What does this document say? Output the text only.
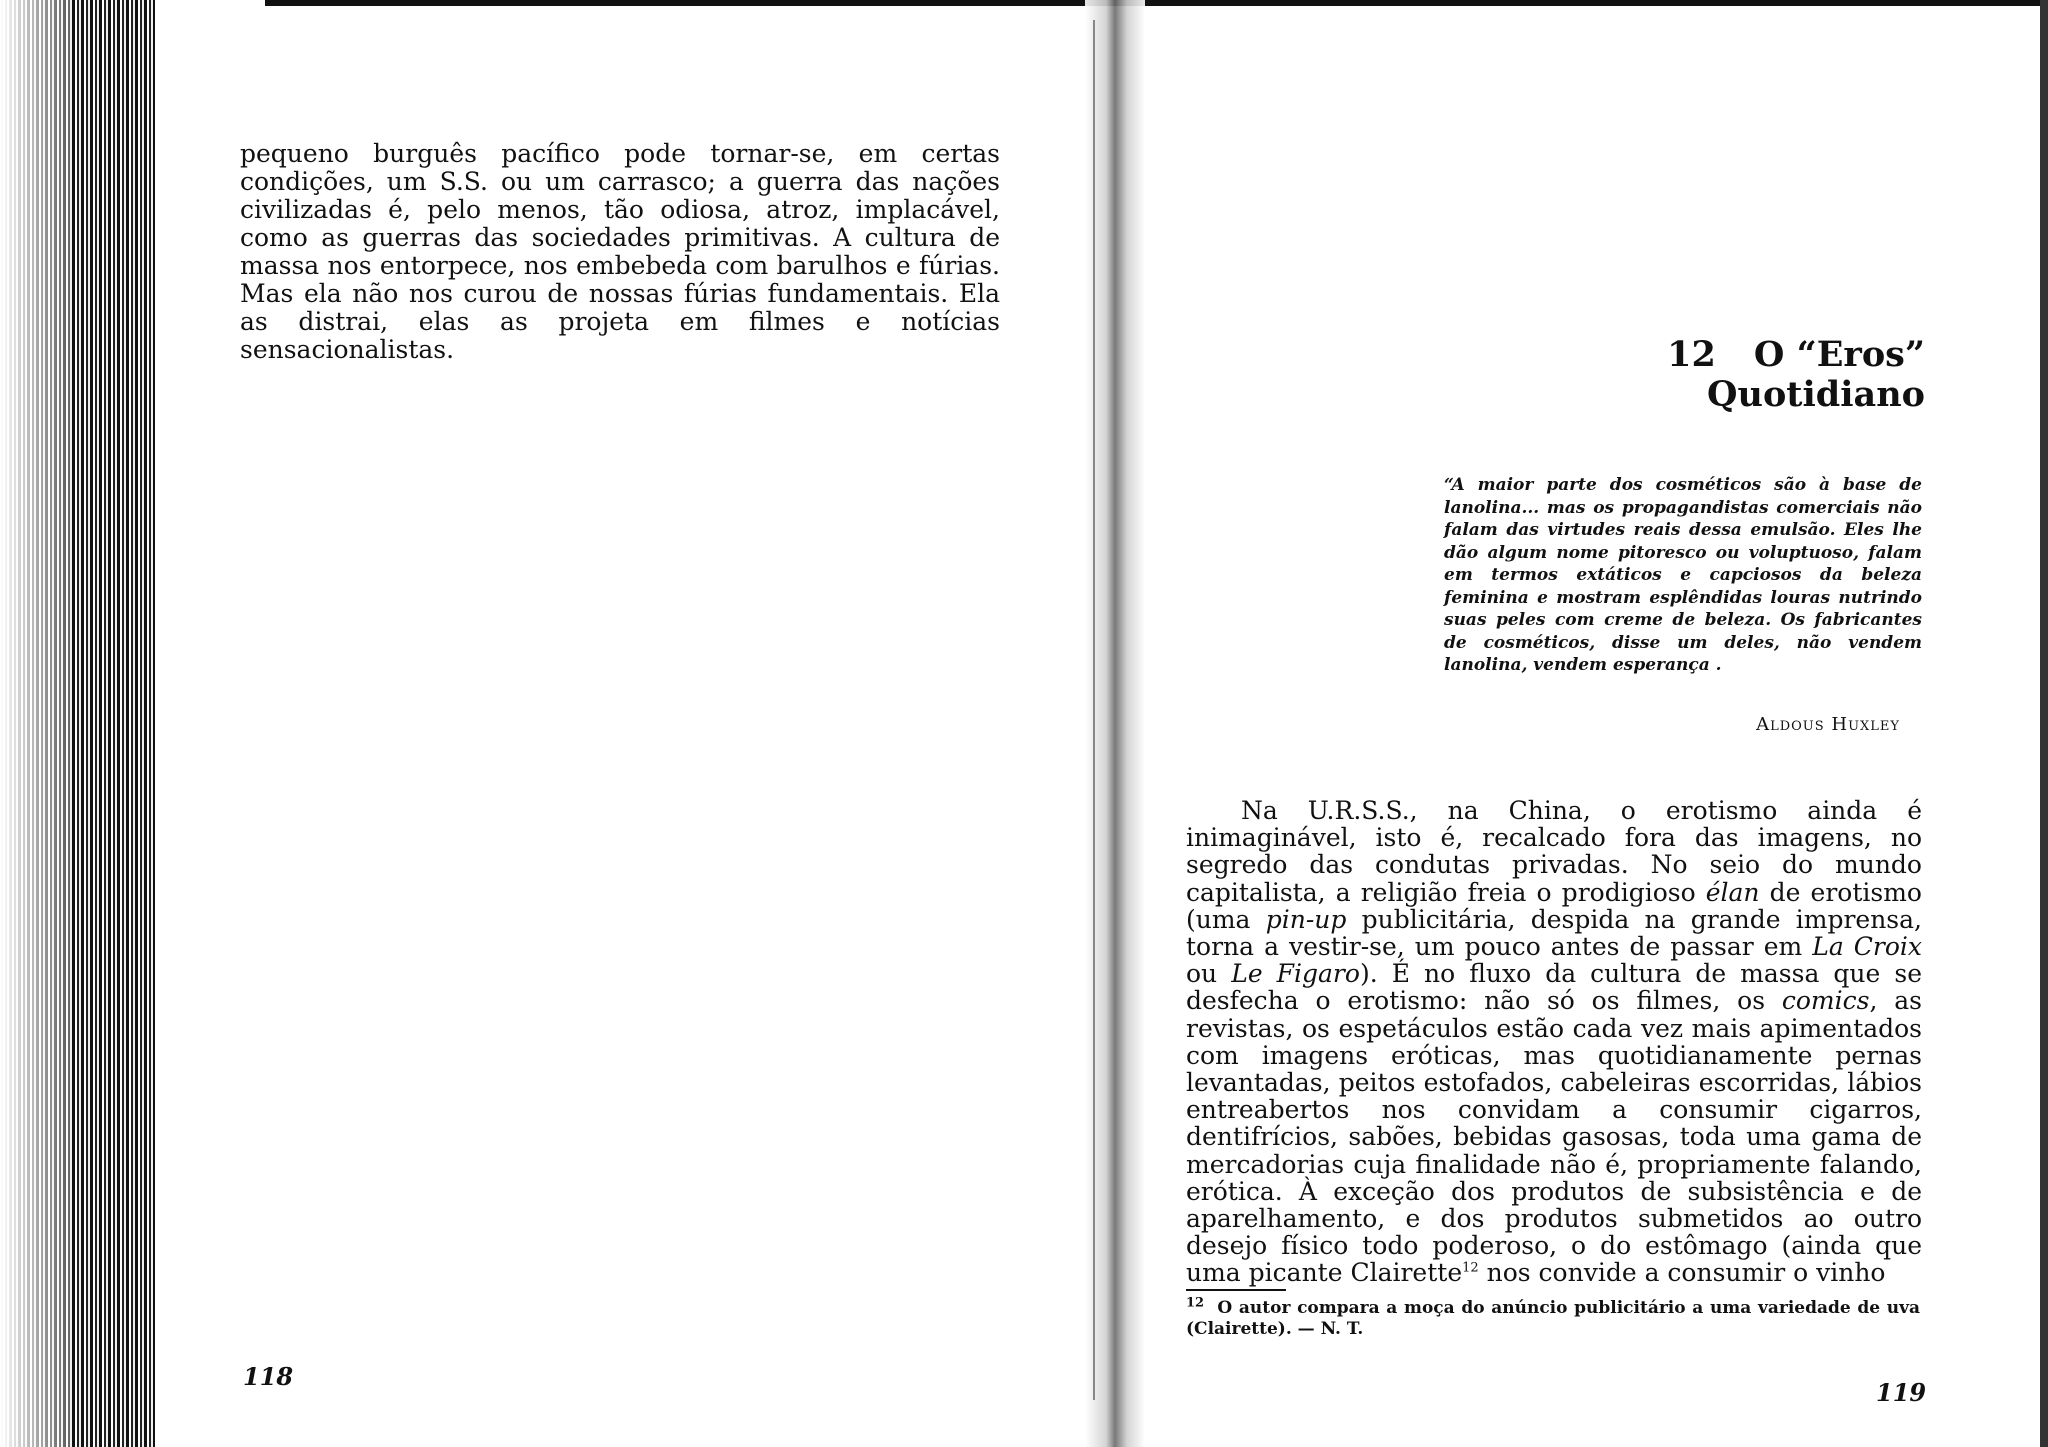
pequeno burguês pacífico pode tornar-se, em certas condições, um S.S. ou um carrasco; a guerra das nações civilizadas é, pelo menos, tão odiosa, atroz, implacável, como as guerras das sociedades primitivas. A cultura de massa nos entorpece, nos embebeda com barulhos e fúrias. Mas ela não nos curou de nossas fúrias fundamentais. Ela as distrai, elas as projeta em filmes e notícias sensacionalistas.

118
12 O “Eros”
Quotidiano
“A maior parte dos cosméticos são à base de lanolina... mas os propagandistas comerciais não falam das virtudes reais dessa emulsão. Eles lhe dão algum nome pitoresco ou voluptuoso, falam em termos extáticos e capciosos da beleza feminina e mostram esplêndidas louras nutrindo suas peles com creme de beleza. Os fabricantes de cosméticos, disse um deles, não vendem lanolina, vendem esperança .
Aldous Huxley

Na U.R.S.S., na China, o erotismo ainda é inimaginável, isto é, recalcado fora das imagens, no segredo das condutas privadas. No seio do mundo capitalista, a religião freia o prodigioso élan de erotismo (uma pin-up publicitária, despida na grande imprensa, torna a vestir-se, um pouco antes de passar em La Croix ou Le Figaro). É no fluxo da cultura de massa que se desfecha o erotismo: não só os filmes, os comics, as revistas, os espetáculos estão cada vez mais apimentados com imagens eróticas, mas quotidianamente pernas levantadas, peitos estofados, cabeleiras escorridas, lábios entreabertos nos convidam a consumir cigarros, dentifrícios, sabões, bebidas gasosas, toda uma gama de mercadorias cuja finalidade não é, propriamente falando, erótica. À exceção dos produtos de subsistência e de aparelhamento, e dos produtos submetidos ao outro desejo físico todo poderoso, o do estômago (ainda que uma picante Clairette$^{12}$ nos convide a consumir o vinho

$^{12}$ O autor compara a moça do anúncio publicitário a uma variedade de uva (Clairette). — N. T.
119
